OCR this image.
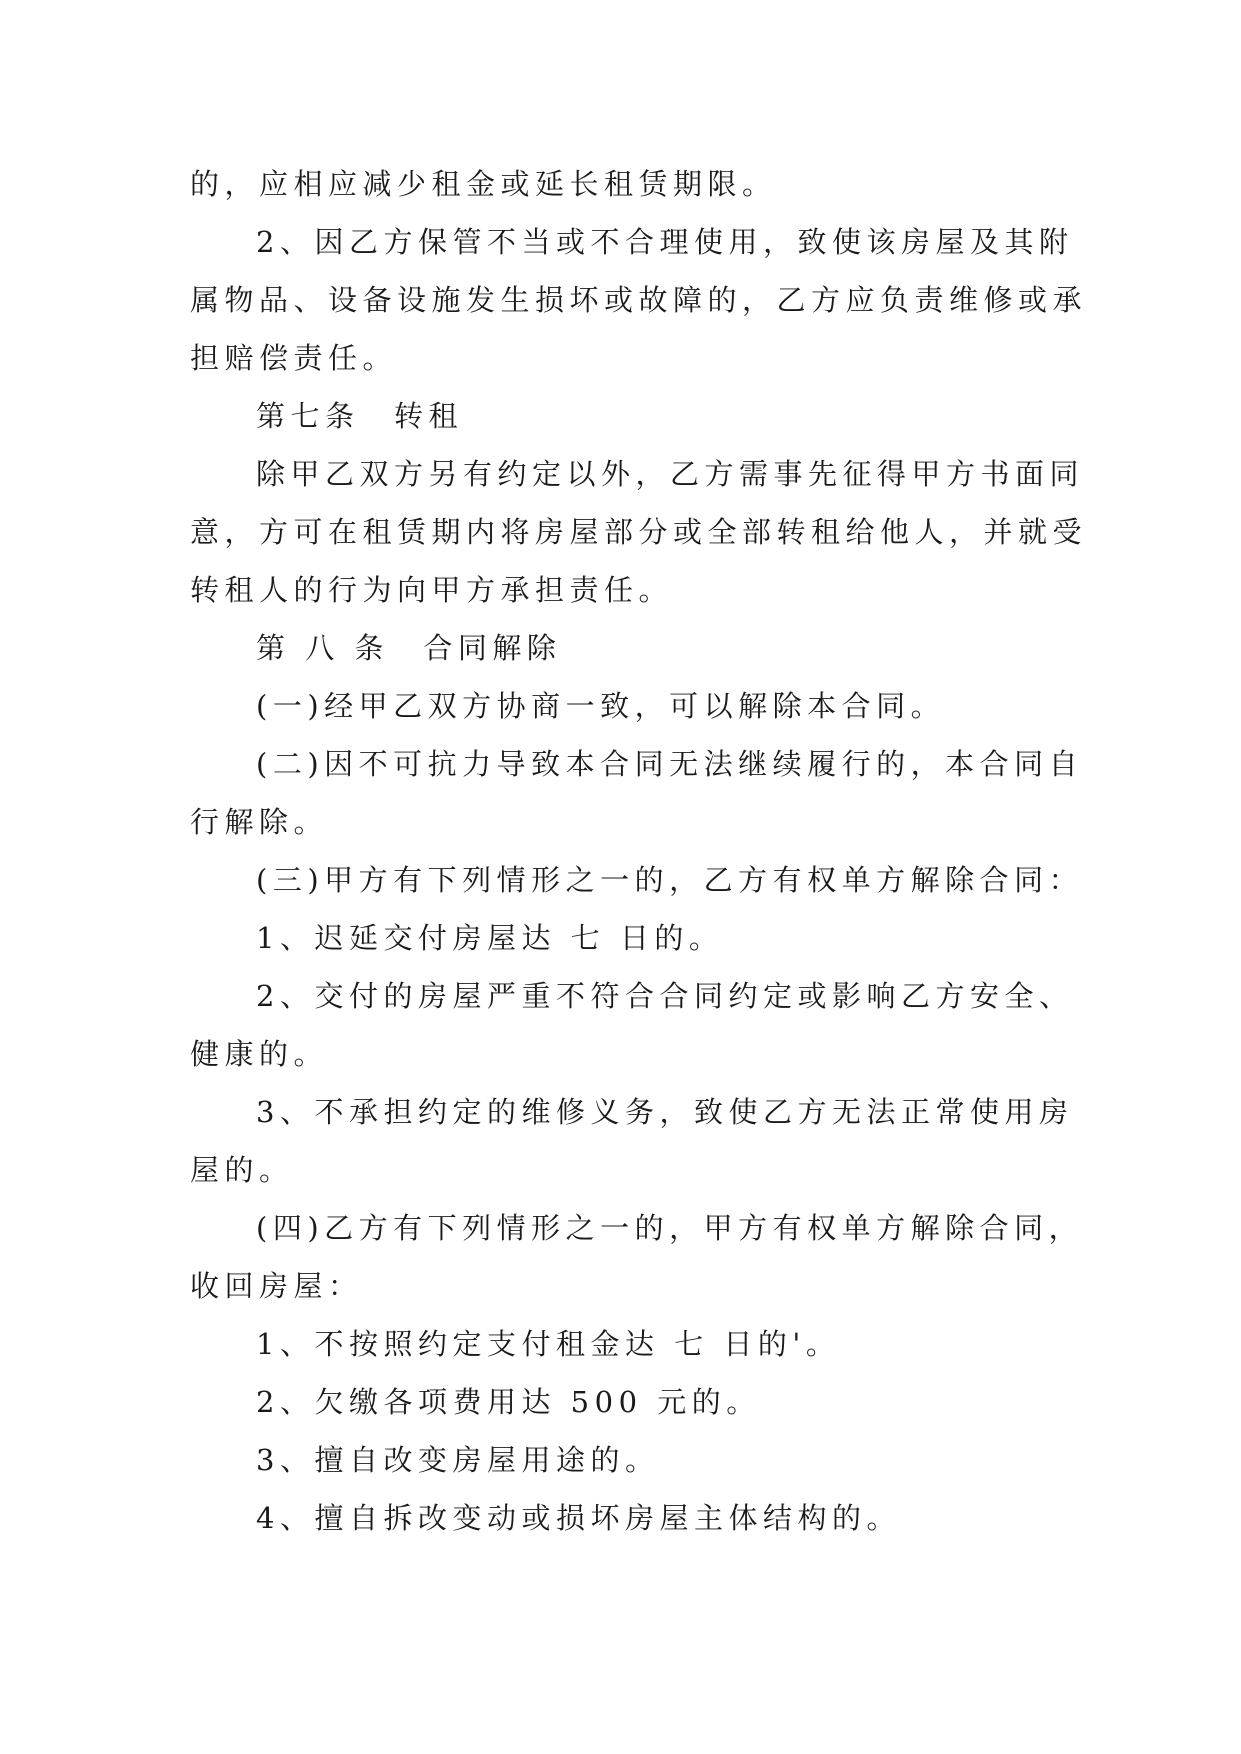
的，应相应减少租金或延长租赁期限。
2、因乙方保管不当或不合理使用，致使该房屋及其附
属物品、设备设施发生损坏或故障的，乙方应负责维修或承
担赔偿责任。
第七条　转租
除甲乙双方另有约定以外，乙方需事先征得甲方书面同
意，方可在租赁期内将房屋部分或全部转租给他人，并就受
转租人的行为向甲方承担责任。
第 八 条　合同解除
(一)经甲乙双方协商一致，可以解除本合同。
(二)因不可抗力导致本合同无法继续履行的，本合同自
行解除。
(三)甲方有下列情形之一的，乙方有权单方解除合同：
1、迟延交付房屋达 七 日的。
2、交付的房屋严重不符合合同约定或影响乙方安全、
健康的。
3、不承担约定的维修义务，致使乙方无法正常使用房
屋的。
(四)乙方有下列情形之一的，甲方有权单方解除合同，
收回房屋：
1、不按照约定支付租金达 七 日的'。
2、欠缴各项费用达 500 元的。
3、擅自改变房屋用途的。
4、擅自拆改变动或损坏房屋主体结构的。
